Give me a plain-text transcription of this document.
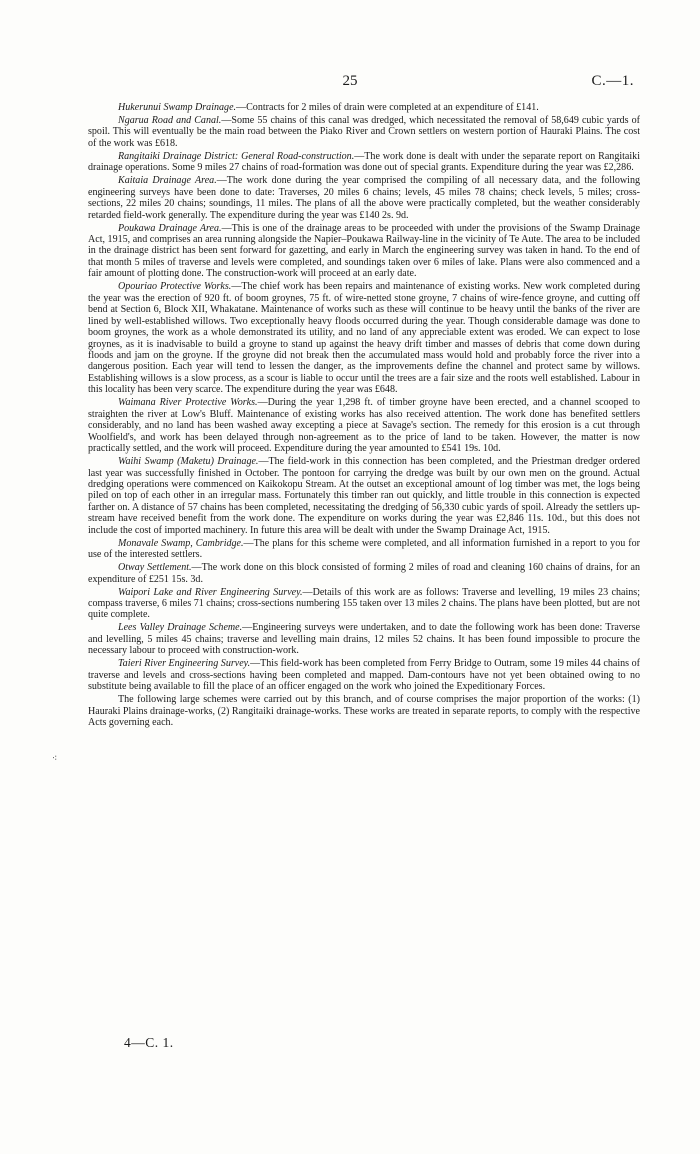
25	C.—1.
⁖

Hukerunui Swamp Drainage.—Contracts for 2 miles of drain were completed at an expenditure of £141.

Ngarua Road and Canal.—Some 55 chains of this canal was dredged, which necessitated the removal of 58,649 cubic yards of spoil. This will eventually be the main road between the Piako River and Crown settlers on western portion of Hauraki Plains. The cost of the work was £618.

Rangitaiki Drainage District: General Road-construction.—The work done is dealt with under the separate report on Rangitaiki drainage operations. Some 9 miles 27 chains of road-formation was done out of special grants. Expenditure during the year was £2,286.

Kaitaia Drainage Area.—The work done during the year comprised the compiling of all necessary data, and the following engineering surveys have been done to date: Traverses, 20 miles 6 chains; levels, 45 miles 78 chains; check levels, 5 miles; cross-sections, 22 miles 20 chains; soundings, 11 miles. The plans of all the above were practically completed, but the weather considerably retarded field-work generally. The expenditure during the year was £140 2s. 9d.

Poukawa Drainage Area.—This is one of the drainage areas to be proceeded with under the provisions of the Swamp Drainage Act, 1915, and comprises an area running alongside the Napier–Poukawa Railway-line in the vicinity of Te Aute. The area to be included in the drainage district has been sent forward for gazetting, and early in March the engineering survey was taken in hand. To the end of that month 5 miles of traverse and levels were completed, and soundings taken over 6 miles of lake. Plans were also commenced and a fair amount of plotting done. The construction-work will proceed at an early date.

Opouriao Protective Works.—The chief work has been repairs and maintenance of existing works. New work completed during the year was the erection of 920 ft. of boom groynes, 75 ft. of wire-netted stone groyne, 7 chains of wire-fence groyne, and cutting off bend at Section 6, Block XII, Whakatane. Maintenance of works such as these will continue to be heavy until the banks of the river are lined by well-established willows. Two exceptionally heavy floods occurred during the year. Though considerable damage was done to boom groynes, the work as a whole demonstrated its utility, and no land of any appreciable extent was eroded. We can expect to lose groynes, as it is inadvisable to build a groyne to stand up against the heavy drift timber and masses of debris that come down during floods and jam on the groyne. If the groyne did not break then the accumulated mass would hold and probably force the river into a dangerous position. Each year will tend to lessen the danger, as the improvements define the channel and protect same by willows. Establishing willows is a slow process, as a scour is liable to occur until the trees are a fair size and the roots well established. Labour in this locality has been very scarce. The expenditure during the year was £648.

Waimana River Protective Works.—During the year 1,298 ft. of timber groyne have been erected, and a channel scooped to straighten the river at Low's Bluff. Maintenance of existing works has also received attention. The work done has benefited settlers considerably, and no land has been washed away excepting a piece at Savage's section. The remedy for this erosion is a cut through Woolfield's, and work has been delayed through non-agreement as to the price of land to be taken. However, the matter is now practically settled, and the work will proceed. Expenditure during the year amounted to £541 19s. 10d.

Waihi Swamp (Maketu) Drainage.—The field-work in this connection has been completed, and the Priestman dredger ordered last year was successfully finished in October. The pontoon for carrying the dredge was built by our own men on the ground. Actual dredging operations were commenced on Kaikokopu Stream. At the outset an exceptional amount of log timber was met, the logs being piled on top of each other in an irregular mass. Fortunately this timber ran out quickly, and little trouble in this connection is expected farther on. A distance of 57 chains has been completed, necessitating the dredging of 56,330 cubic yards of spoil. Already the settlers up-stream have received benefit from the work done. The expenditure on works during the year was £2,846 11s. 10d., but this does not include the cost of imported machinery. In future this area will be dealt with under the Swamp Drainage Act, 1915.

Monavale Swamp, Cambridge.—The plans for this scheme were completed, and all information furnished in a report to you for use of the interested settlers.

Otway Settlement.—The work done on this block consisted of forming 2 miles of road and cleaning 160 chains of drains, for an expenditure of £251 15s. 3d.

Waipori Lake and River Engineering Survey.—Details of this work are as follows: Traverse and levelling, 19 miles 23 chains; compass traverse, 6 miles 71 chains; cross-sections numbering 155 taken over 13 miles 2 chains. The plans have been plotted, but are not quite complete.

Lees Valley Drainage Scheme.—Engineering surveys were undertaken, and to date the following work has been done: Traverse and levelling, 5 miles 45 chains; traverse and levelling main drains, 12 miles 52 chains. It has been found impossible to procure the necessary labour to proceed with construction-work.

Taieri River Engineering Survey.—This field-work has been completed from Ferry Bridge to Outram, some 19 miles 44 chains of traverse and levels and cross-sections having been completed and mapped. Dam-contours have not yet been obtained owing to no substitute being available to fill the place of an officer engaged on the work who joined the Expeditionary Forces.

The following large schemes were carried out by this branch, and of course comprises the major proportion of the works: (1) Hauraki Plains drainage-works, (2) Rangitaiki drainage-works. These works are treated in separate reports, to comply with the respective Acts governing each.

4—C. 1.
